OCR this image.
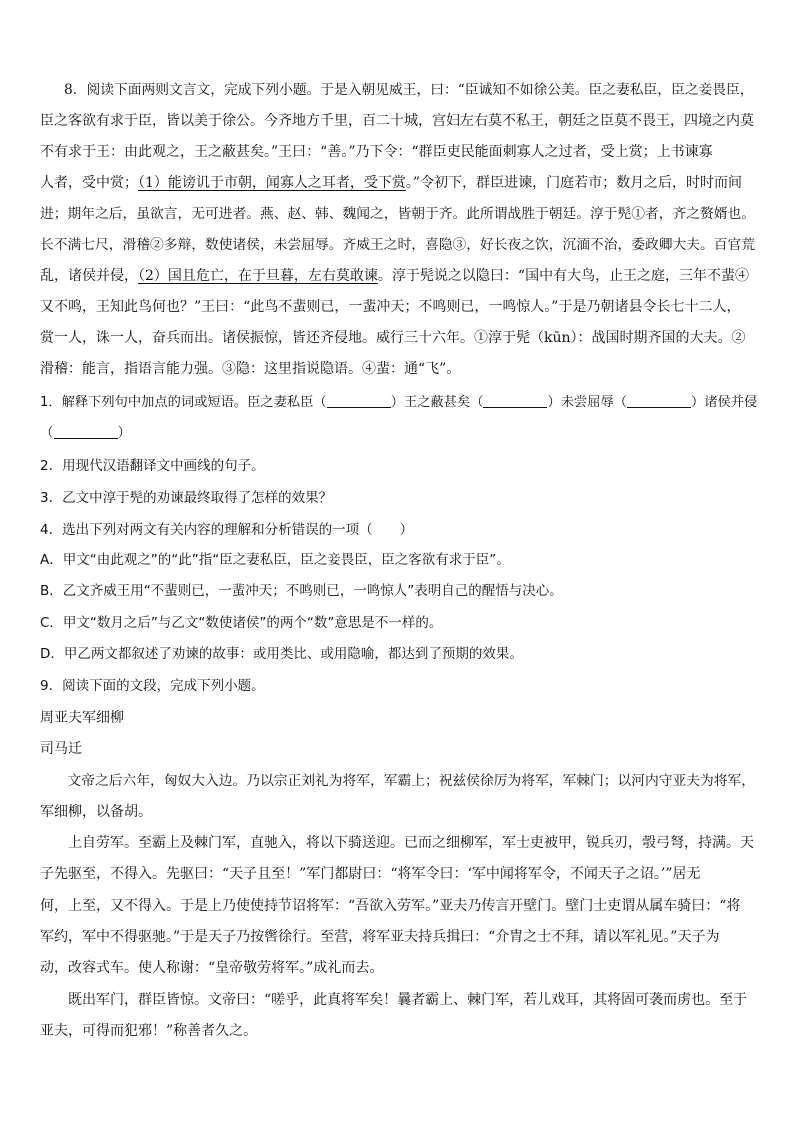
8．阅读下面两则文言文，完成下列小题。于是入朝见威王，曰：“臣诚知不如徐公美。臣之妻私臣，臣之妾畏臣，
臣之客欲有求于臣，皆以美于徐公。今齐地方千里，百二十城，宫妇左右莫不私王，朝廷之臣莫不畏王，四境之内莫
不有求于王：由此观之，王之蔽甚矣。”王曰：“善。”乃下令：“群臣吏民能面刺寡人之过者，受上赏；上书谏寡
人者，受中赏；（1）能谤讥于市朝，闻寡人之耳者，受下赏。”令初下，群臣进谏，门庭若市；数月之后，时时而间
进；期年之后，虽欲言，无可进者。燕、赵、韩、魏闻之，皆朝于齐。此所谓战胜于朝廷。淳于髡①者，齐之赘婿也。
长不满七尺，滑稽②多辩，数使诸侯，未尝屈辱。齐威王之时，喜隐③，好长夜之饮，沉湎不治，委政卿大夫。百官荒
乱，诸侯并侵，（2）国且危亡，在于旦暮，左右莫敢谏。淳于髡说之以隐曰：“国中有大鸟，止王之庭，三年不蜚④
又不鸣，王知此鸟何也？”王曰：“此鸟不蜚则已，一蜚冲天；不鸣则已，一鸣惊人。”于是乃朝诸县令长七十二人，
赏一人，诛一人，奋兵而出。诸侯振惊，皆还齐侵地。威行三十六年。①淳于髡（kūn）：战国时期齐国的大夫。②
滑稽：能言，指语言能力强。③隐：这里指说隐语。④蜚：通“飞”。
1．解释下列句中加点的词或短语。臣之妻私臣（	）王之蔽甚矣（	）未尝屈辱（	）诸侯并侵
（	）
2．用现代汉语翻译文中画线的句子。
3．乙文中淳于髡的劝谏最终取得了怎样的效果？
4．选出下列对两文有关内容的理解和分析错误的一项（　　）
A．甲文“由此观之”的“此”指“臣之妻私臣，臣之妾畏臣，臣之客欲有求于臣”。
B．乙文齐威王用“不蜚则已，一蜚冲天；不鸣则已，一鸣惊人”表明自己的醒悟与决心。
C．甲文“数月之后”与乙文“数使诸侯”的两个“数”意思是不一样的。
D．甲乙两文都叙述了劝谏的故事：或用类比、或用隐喻，都达到了预期的效果。
9．阅读下面的文段，完成下列小题。
周亚夫军细柳
司马迁
　　文帝之后六年，匈奴大入边。乃以宗正刘礼为将军，军霸上；祝兹侯徐厉为将军，军棘门；以河内守亚夫为将军，
军细柳，以备胡。
　　上自劳军。至霸上及棘门军，直驰入，将以下骑送迎。已而之细柳军，军士吏被甲，锐兵刃，彀弓弩，持满。天
子先驱至，不得入。先驱曰：“天子且至！”军门都尉曰：“将军令曰：‘军中闻将军令，不闻天子之诏。’”居无
何，上至，又不得入。于是上乃使使持节诏将军：“吾欲入劳军。”亚夫乃传言开壁门。壁门士吏谓从属车骑曰：“将
军约，军中不得驱驰。”于是天子乃按辔徐行。至营，将军亚夫持兵揖曰：“介胄之士不拜，请以军礼见。”天子为
动，改容式车。使人称谢：“皇帝敬劳将军。”成礼而去。
　　既出军门，群臣皆惊。文帝曰：“嗟乎，此真将军矣！曩者霸上、棘门军，若儿戏耳，其将固可袭而虏也。至于
亚夫，可得而犯邪！”称善者久之。
